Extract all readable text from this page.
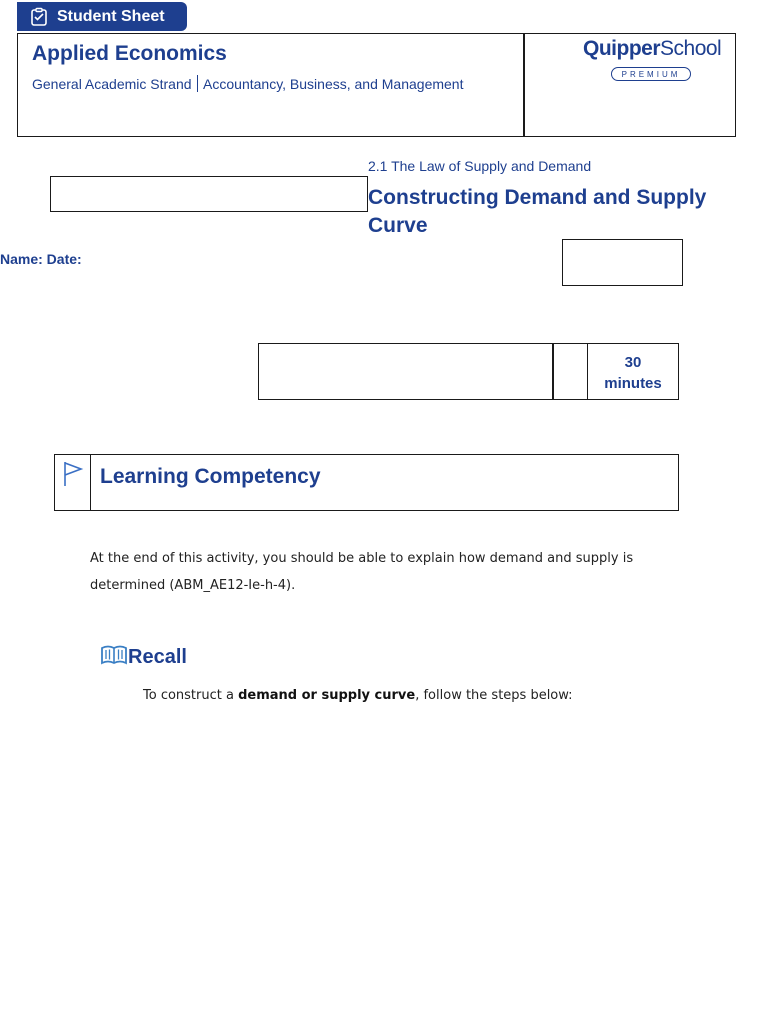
Student Sheet
Applied Economics
General Academic Strand Accountancy, Business, and Management
QuipperSchool
PREMIUM
2.1 The Law of Supply and Demand
Constructing Demand and Supply Curve
Name: Date:
30
minutes
Learning Competency
At the end of this activity, you should be able to explain how demand and supply is determined (ABM_AE12-Ie-h-4).
Recall
To construct a demand or supply curve, follow the steps below:
